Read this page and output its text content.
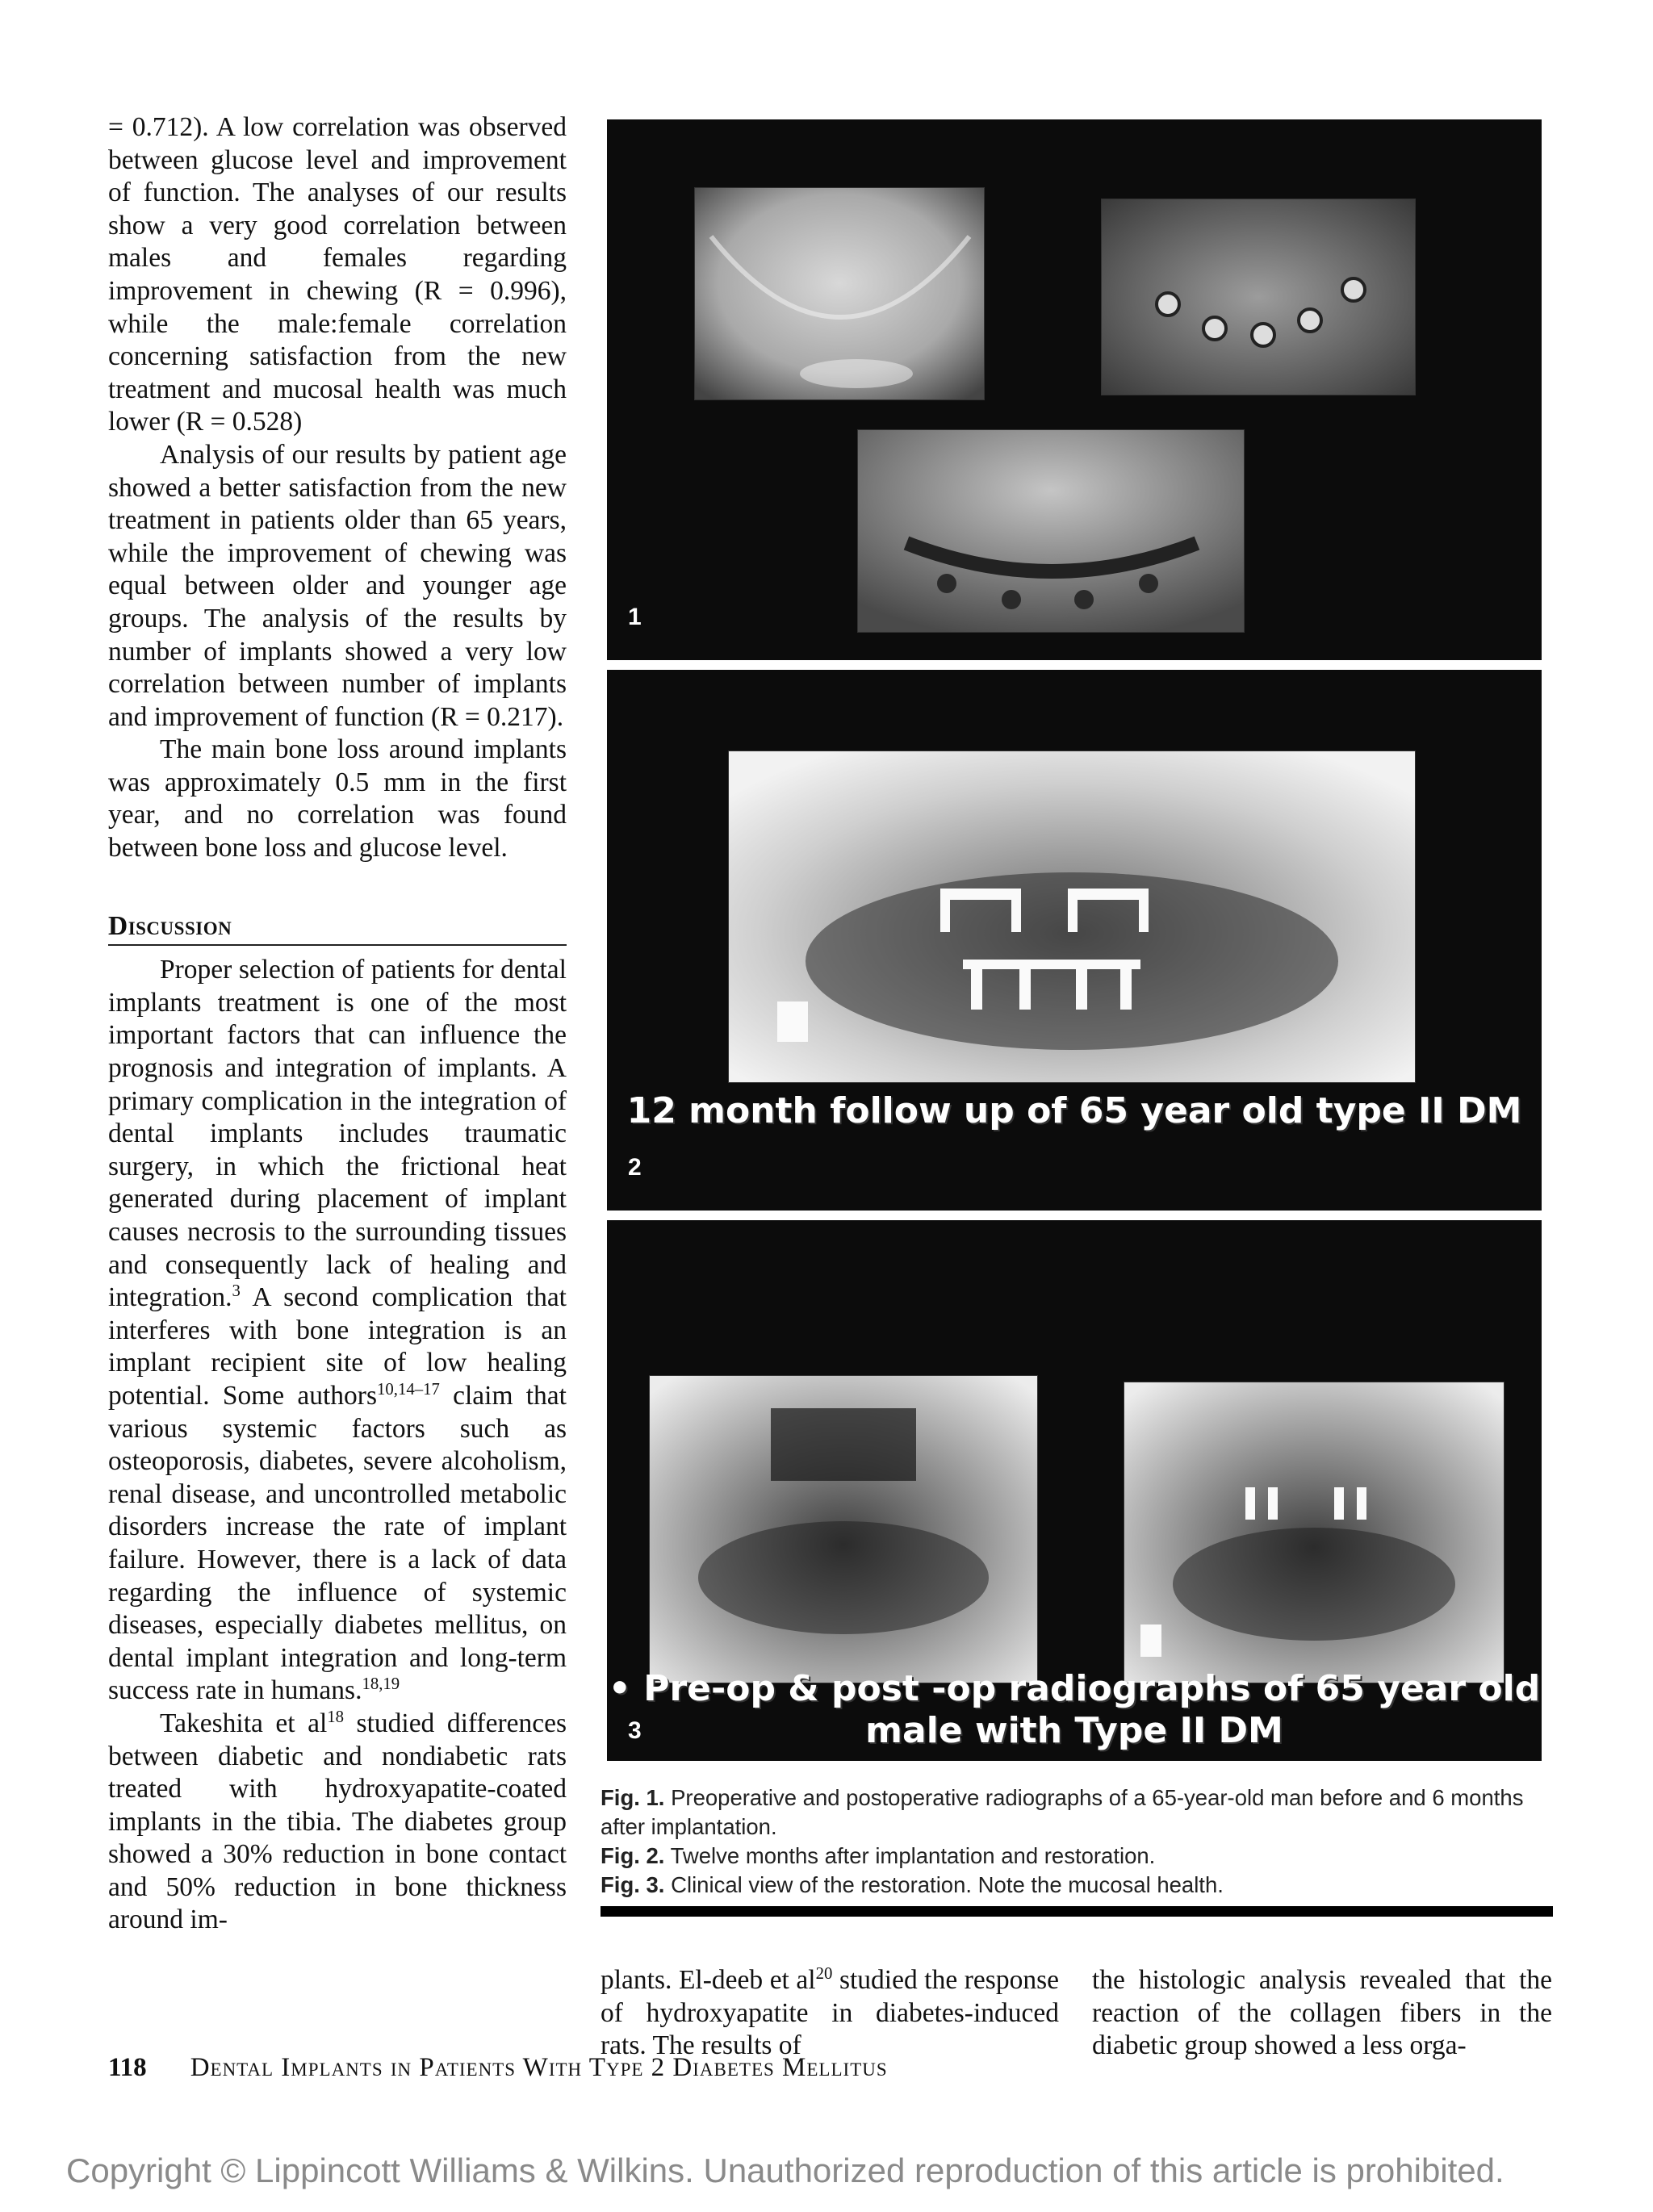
= 0.712). A low correlation was observed between glucose level and improvement of function. The analyses of our results show a very good correlation between males and females regarding improvement in chewing (R = 0.996), while the male:female correlation concerning satisfaction from the new treatment and mucosal health was much lower (R = 0.528)

Analysis of our results by patient age showed a better satisfaction from the new treatment in patients older than 65 years, while the improvement of chewing was equal between older and younger age groups. The analysis of the results by number of implants showed a very low correlation between number of implants and improvement of function (R = 0.217).

The main bone loss around implants was approximately 0.5 mm in the first year, and no correlation was found between bone loss and glucose level.

Discussion

Proper selection of patients for dental implants treatment is one of the most important factors that can influence the prognosis and integration of implants. A primary complication in the integration of dental implants includes traumatic surgery, in which the frictional heat generated during placement of implant causes necrosis to the surrounding tissues and consequently lack of healing and integration.$^3$ A second complication that interferes with bone integration is an implant recipient site of low healing potential. Some authors$^{10,14-17}$ claim that various systemic factors such as osteoporosis, diabetes, severe alcoholism, renal disease, and uncontrolled metabolic disorders increase the rate of implant failure. However, there is a lack of data regarding the influence of systemic diseases, especially diabetes mellitus, on dental implant integration and long-term success rate in humans.$^{18,19}$

Takeshita et $al^{18}$ studied differences between diabetic and nondiabetic rats treated with hydroxyapatite-coated implants in the tibia. The diabetes group showed a 30% reduction in bone contact and 50% reduction in bone thickness around im-

1
12 month follow up of 65 year old type II DM
2
• Pre-op & post -op radiographs of 65 year old
male with Type II DM
3

Fig. 1. Preoperative and postoperative radiographs of a 65-year-old man before and 6 months after implantation.

Fig. 2. Twelve months after implantation and restoration.

Fig. 3. Clinical view of the restoration. Note the mucosal health.

plants. El-deeb et $al^{20}$ studied the response of hydroxyapatite in diabetes-induced rats. The results of

the histologic analysis revealed that the reaction of the collagen fibers in the diabetic group showed a less orga-

118 Dental Implants in Patients With Type 2 Diabetes Mellitus
Copyright © Lippincott Williams & Wilkins. Unauthorized reproduction of this article is prohibited.
